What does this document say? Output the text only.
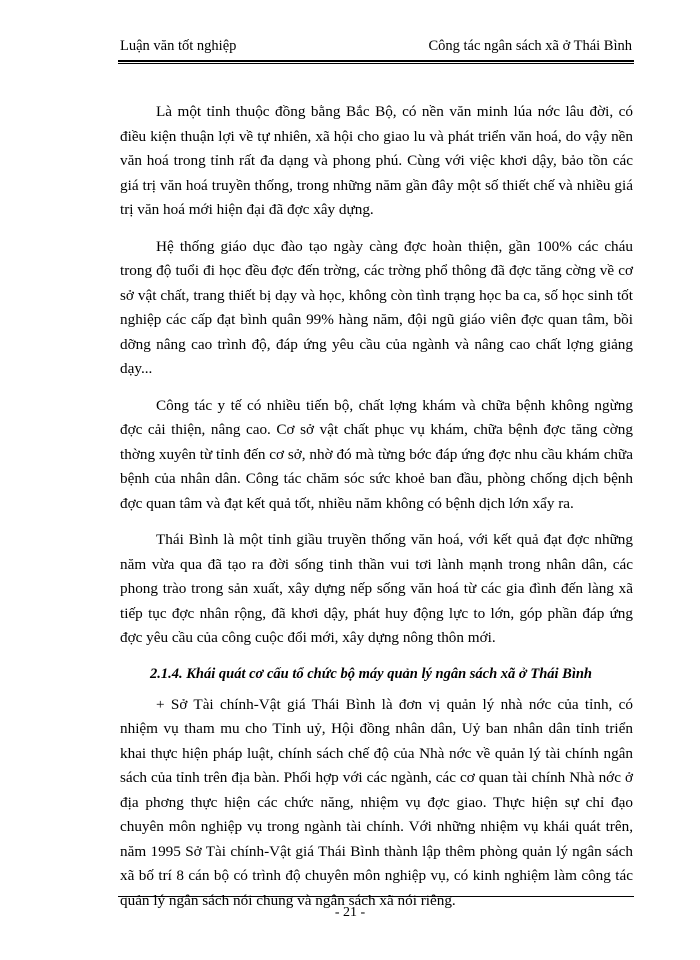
Luận văn tốt nghiệp	Công tác ngân sách xã ở Thái Bình

Là một tỉnh thuộc đồng bằng Bắc Bộ, có nền văn minh lúa nớc lâu đời, có điều kiện thuận lợi về tự nhiên, xã hội cho giao lu và phát triển văn hoá, do vậy nền văn hoá trong tỉnh rất đa dạng và phong phú. Cùng với việc khơi dậy, bảo tồn các giá trị văn hoá truyền thống, trong những năm gần đây một số thiết chế và nhiều giá trị văn hoá mới hiện đại đã đợc xây dựng.

Hệ thống giáo dục đào tạo ngày càng đợc hoàn thiện, gần 100% các cháu trong độ tuổi đi học đều đợc đến trờng, các trờng phổ thông đã đợc tăng cờng về cơ sở vật chất, trang thiết bị dạy và học, không còn tình trạng học ba ca, số học sinh tốt nghiệp các cấp đạt bình quân 99% hàng năm, đội ngũ giáo viên đợc quan tâm, bồi dỡng nâng cao trình độ, đáp ứng yêu cầu của ngành và nâng cao chất lợng giảng dạy...

Công tác y tế có nhiều tiến bộ, chất lợng khám và chữa bệnh không ngừng đợc cải thiện, nâng cao. Cơ sở vật chất phục vụ khám, chữa bệnh đợc tăng cờng thờng xuyên từ tỉnh đến cơ sở, nhờ đó mà từng bớc đáp ứng đợc nhu cầu khám chữa bệnh của nhân dân. Công tác chăm sóc sức khoẻ ban đầu, phòng chống dịch bệnh đợc quan tâm và đạt kết quả tốt, nhiều năm không có bệnh dịch lớn xẩy ra.

Thái Bình là một tỉnh giầu truyền thống văn hoá, với kết quả đạt đợc những năm vừa qua đã tạo ra đời sống tinh thần vui tơi lành mạnh trong nhân dân, các phong trào trong sản xuất, xây dựng nếp sống văn hoá từ các gia đình đến làng xã tiếp tục đợc nhân rộng, đã khơi dậy, phát huy động lực to lớn, góp phần đáp ứng đợc yêu cầu của công cuộc đổi mới, xây dựng nông thôn mới.

2.1.4. Khái quát cơ cấu tổ chức bộ máy quản lý ngân sách xã ở Thái Bình

+ Sở Tài chính-Vật giá Thái Bình là đơn vị quản lý nhà nớc của tỉnh, có nhiệm vụ tham mu cho Tỉnh uỷ, Hội đồng nhân dân, Uỷ ban nhân dân tỉnh triển khai thực hiện pháp luật, chính sách chế độ của Nhà nớc về quản lý tài chính ngân sách của tỉnh trên địa bàn. Phối hợp với các ngành, các cơ quan tài chính Nhà nớc ở địa phơng thực hiện các chức năng, nhiệm vụ đợc giao. Thực hiện sự chỉ đạo chuyên môn nghiệp vụ trong ngành tài chính. Với những nhiệm vụ khái quát trên, năm 1995 Sở Tài chính-Vật giá Thái Bình thành lập thêm phòng quản lý ngân sách xã bố trí 8 cán bộ có trình độ chuyên môn nghiệp vụ, có kinh nghiệm làm công tác quản lý ngân sách nói chung và ngân sách xã nói riêng.

- 21 -
